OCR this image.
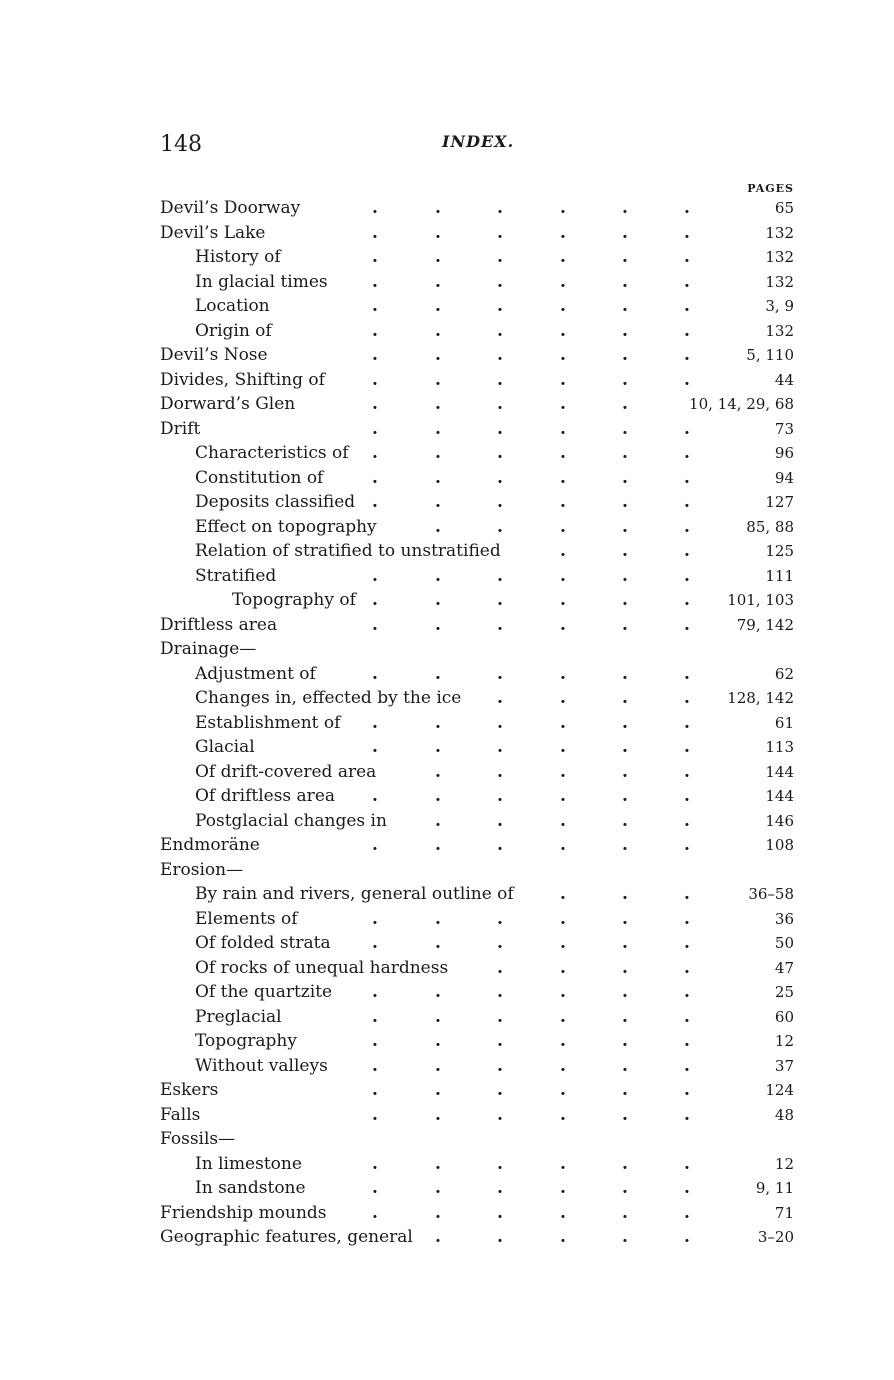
148	INDEX.
PAGES
Devil’s Doorway	65
.	.	.	.	.	.
Devil’s Lake	132
.	.	.	.	.	.
History of	132
.	.	.	.	.	.
In glacial times	132
.	.	.	.	.	.
Location	3, 9
.	.	.	.	.	.
Origin of	132
.	.	.	.	.	.
Devil’s Nose	5, 110
.	.	.	.	.	.
Divides, Shifting of	44
.	.	.	.	.	.
Dorward’s Glen	10, 14, 29, 68
.	.	.	.	.
Drift	73
.	.	.	.	.	.
Characteristics of	96
.	.	.	.	.	.
Constitution of	94
.	.	.	.	.	.
Deposits classified	127
.	.	.	.	.	.
Effect on topography	85, 88
.	.	.	.	.
Relation of stratified to unstratified	125
.	.	.
Stratified	111
.	.	.	.	.	.
Topography of	101, 103
.	.	.	.	.	.
Driftless area	79, 142
.	.	.	.	.	.
Drainage—
Adjustment of	62
.	.	.	.	.	.
Changes in, effected by the ice	128, 142
.	.	.	.
Establishment of	61
.	.	.	.	.	.
Glacial	113
.	.	.	.	.	.
Of drift-covered area	144
.	.	.	.	.
Of driftless area	144
.	.	.	.	.	.
Postglacial changes in	146
.	.	.	.	.
Endmoräne	108
.	.	.	.	.	.
Erosion—
By rain and rivers, general outline of	36–58
.	.	.
Elements of	36
.	.	.	.	.	.
Of folded strata	50
.	.	.	.	.	.
Of rocks of unequal hardness	47
.	.	.	.
Of the quartzite	25
.	.	.	.	.	.
Preglacial	60
.	.	.	.	.	.
Topography	12
.	.	.	.	.	.
Without valleys	37
.	.	.	.	.	.
Eskers	124
.	.	.	.	.	.
Falls	48
.	.	.	.	.	.
Fossils—
In limestone	12
.	.	.	.	.	.
In sandstone	9, 11
.	.	.	.	.	.
Friendship mounds	71
.	.	.	.	.	.
Geographic features, general	3–20
.	.	.	.	.
